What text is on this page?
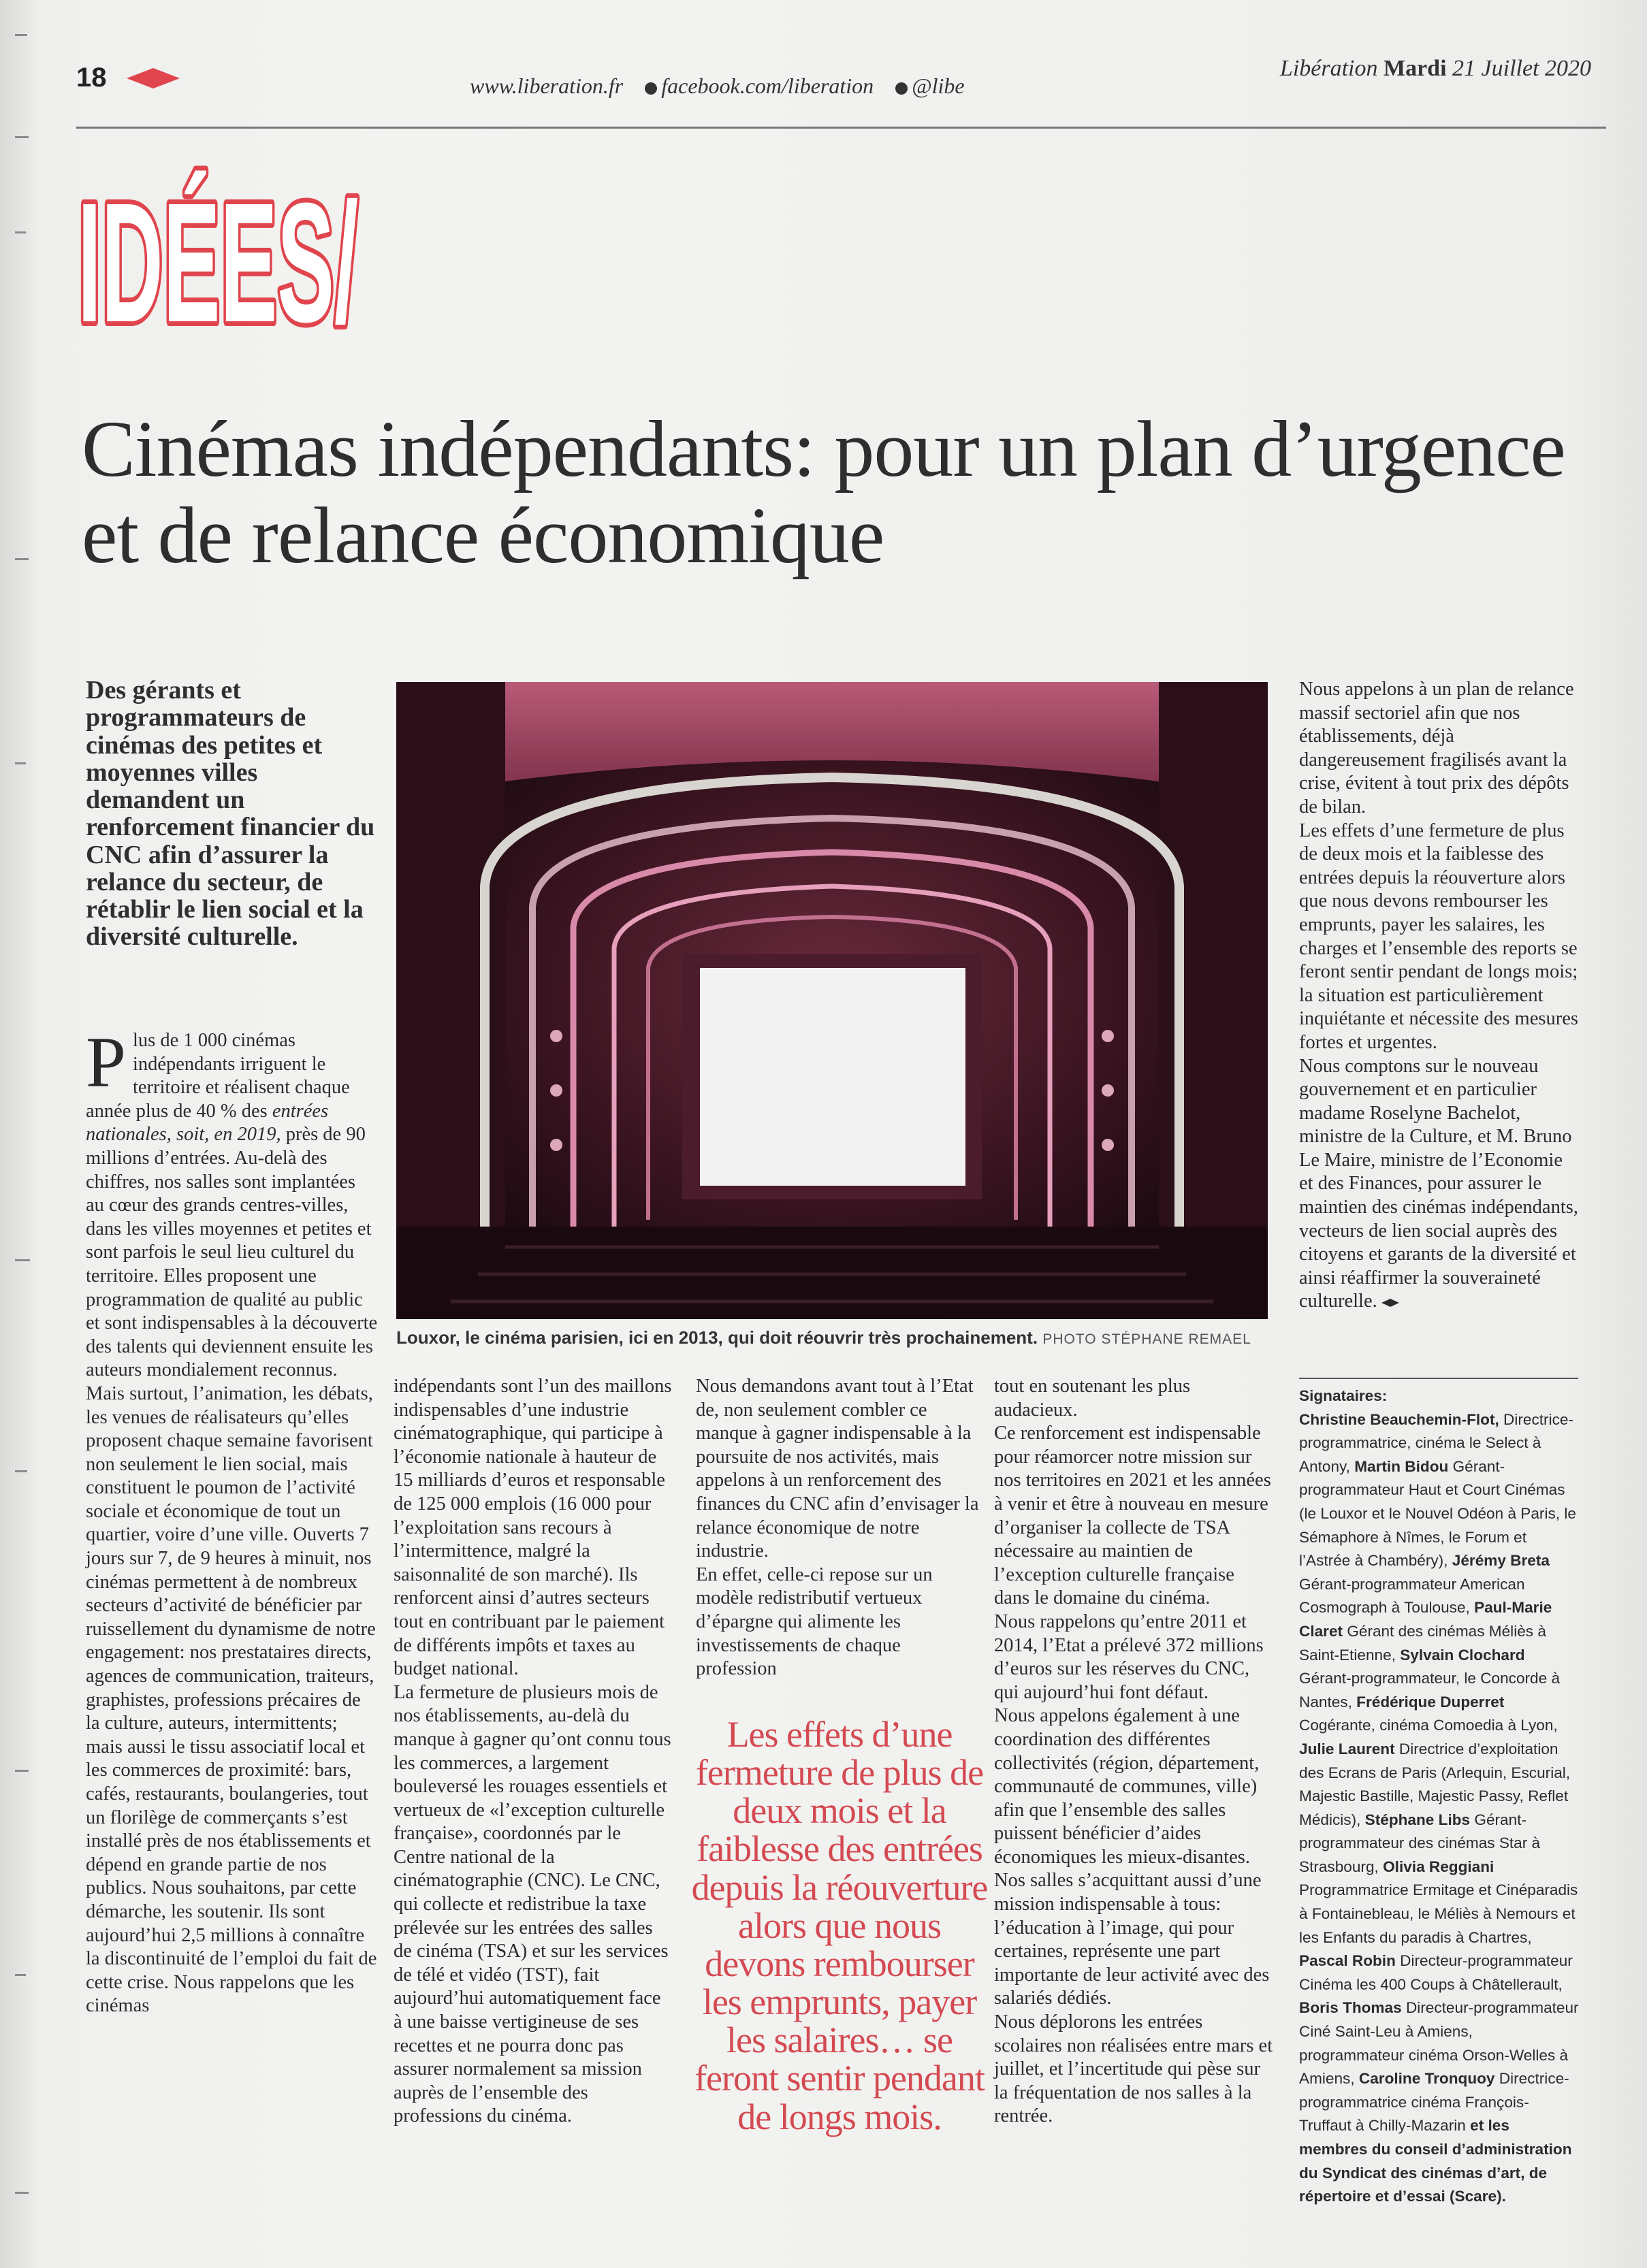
18	www.liberation.fr facebook.com/liberation @libe
Libération Mardi 21 Juillet 2020
IDÉES/
Cinémas indépendants: pour un plan d’urgence et de relance économique
Des gérants et programmateurs de cinémas des petites et moyennes villes demandent un renforcement financier du CNC afin d’assurer la relance du secteur, de rétablir le lien social et la diversité culturelle.
Louxor, le cinéma parisien, ici en 2013, qui doit réouvrir très prochainement. PHOTO STÉPHANE REMAEL
P lus de 1 000 cinémas indépendants irriguent le territoire et réalisent chaque année plus de 40 % des entrées nationales, soit, en 2019, près de 90 millions d’entrées. Au-delà des chiffres, nos salles sont implantées au cœur des grands centres-villes, dans les villes moyennes et petites et sont parfois le seul lieu culturel du territoire. Elles proposent une programmation de qualité au public et sont indispensables à la découverte des talents qui deviennent ensuite les auteurs mondialement reconnus. Mais surtout, l’animation, les débats, les venues de réalisateurs qu’elles proposent chaque semaine favorisent non seulement le lien social, mais constituent le poumon de l’activité sociale et économique de tout un quartier, voire d’une ville. Ouverts 7 jours sur 7, de 9 heures à minuit, nos cinémas permettent à de nombreux secteurs d’activité de bénéficier par ruissellement du dynamisme de notre engagement: nos prestataires directs, agences de communication, traiteurs, graphistes, professions précaires de la culture, auteurs, intermittents; mais aussi le tissu associatif local et les commerces de proximité: bars, cafés, restaurants, boulangeries, tout un florilège de commerçants s’est installé près de nos établissements et dépend en grande partie de nos publics. Nous souhaitons, par cette démarche, les soutenir. Ils sont aujourd’hui 2,5 millions à connaître la discontinuité de l’emploi du fait de cette crise. Nous rappelons que les cinémas

indépendants sont l’un des maillons indispensables d’une industrie cinématographique, qui participe à l’économie nationale à hauteur de 15 milliards d’euros et responsable de 125 000 emplois (16 000 pour l’exploitation sans recours à l’intermittence, malgré la saisonnalité de son marché). Ils renforcent ainsi d’autres secteurs tout en contribuant par le paiement de différents impôts et taxes au budget national.

La fermeture de plusieurs mois de nos établissements, au-delà du manque à gagner qu’ont connu tous les commerces, a largement bouleversé les rouages essentiels et vertueux de «l’exception culturelle française», coordonnés par le Centre national de la cinématographie (CNC). Le CNC, qui collecte et redistribue la taxe prélevée sur les entrées des salles de cinéma (TSA) et sur les services de télé et vidéo (TST), fait aujourd’hui automatiquement face à une baisse vertigineuse de ses recettes et ne pourra donc pas assurer normalement sa mission auprès de l’ensemble des professions du cinéma.

Nous demandons avant tout à l’Etat de, non seulement combler ce manque à gagner indispensable à la poursuite de nos activités, mais appelons à un renforcement des finances du CNC afin d’envisager la relance économique de notre industrie.

En effet, celle-ci repose sur un modèle redistributif vertueux d’épargne qui alimente les investissements de chaque profession

Les effets d’une fermeture de plus de deux mois et la faiblesse des entrées depuis la réouverture alors que nous devons rembourser les emprunts, payer les salaires… se feront sentir pendant de longs mois.

tout en soutenant les plus audacieux.

Ce renforcement est indispensable pour réamorcer notre mission sur nos territoires en 2021 et les années à venir et être à nouveau en mesure d’organiser la collecte de TSA nécessaire au maintien de l’exception culturelle française dans le domaine du cinéma.

Nous rappelons qu’entre 2011 et 2014, l’Etat a prélevé 372 millions d’euros sur les réserves du CNC, qui aujourd’hui font défaut.

Nous appelons également à une coordination des différentes collectivités (région, département, communauté de communes, ville) afin que l’ensemble des salles puissent bénéficier d’aides économiques les mieux-disantes.

Nos salles s’acquittant aussi d’une mission indispensable à tous: l’éducation à l’image, qui pour certaines, représente une part importante de leur activité avec des salariés dédiés.

Nous déplorons les entrées scolaires non réalisées entre mars et juillet, et l’incertitude qui pèse sur la fréquentation de nos salles à la rentrée.

Nous appelons à un plan de relance massif sectoriel afin que nos établissements, déjà dangereusement fragilisés avant la crise, évitent à tout prix des dépôts de bilan.

Les effets d’une fermeture de plus de deux mois et la faiblesse des entrées depuis la réouverture alors que nous devons rembourser les emprunts, payer les salaires, les charges et l’ensemble des reports se feront sentir pendant de longs mois; la situation est particulièrement inquiétante et nécessite des mesures fortes et urgentes.

Nous comptons sur le nouveau gouvernement et en particulier madame Roselyne Bachelot, ministre de la Culture, et M. Bruno Le Maire, ministre de l’Economie et des Finances, pour assurer le maintien des cinémas indépendants, vecteurs de lien social auprès des citoyens et garants de la diversité et ainsi réaffirmer la souveraineté culturelle.

Signataires:
Christine Beauchemin-Flot, Directrice-programmatrice, cinéma le Select à Antony, Martin Bidou Gérant-programmateur Haut et Court Cinémas (le Louxor et le Nouvel Odéon à Paris, le Sémaphore à Nîmes, le Forum et l’Astrée à Chambéry), Jérémy Breta Gérant-programmateur American Cosmograph à Toulouse, Paul-Marie Claret Gérant des cinémas Méliès à Saint-Etienne, Sylvain Clochard Gérant-programmateur, le Concorde à Nantes, Frédérique Duperret Cogérante, cinéma Comoedia à Lyon, Julie Laurent Directrice d’exploitation des Ecrans de Paris (Arlequin, Escurial, Majestic Bastille, Majestic Passy, Reflet Médicis), Stéphane Libs Gérant-programmateur des cinémas Star à Strasbourg, Olivia Reggiani Programmatrice Ermitage et Cinéparadis à Fontainebleau, le Méliès à Nemours et les Enfants du paradis à Chartres, Pascal Robin Directeur-programmateur Cinéma les 400 Coups à Châtellerault, Boris Thomas Directeur-programmateur Ciné Saint-Leu à Amiens, programmateur cinéma Orson-Welles à Amiens, Caroline Tronquoy Directrice-programmatrice cinéma François-Truffaut à Chilly-Mazarin et les membres du conseil d’administration du Syndicat des cinémas d’art, de répertoire et d’essai (Scare).
